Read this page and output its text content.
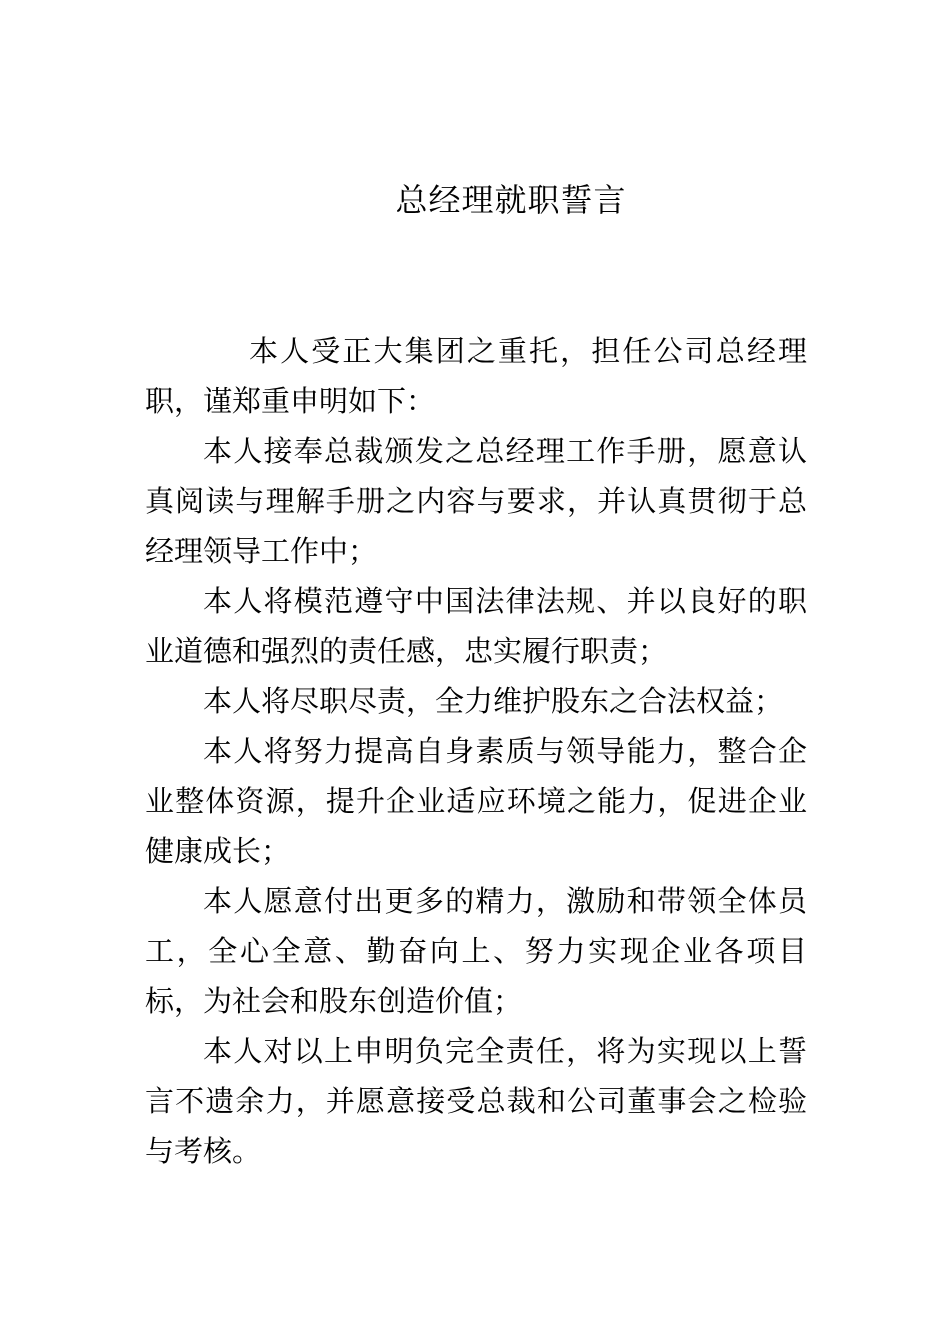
总经理就职誓言

本人受正大集团之重托，担任公司总经理职，谨郑重申明如下：

本人接奉总裁颁发之总经理工作手册，愿意认真阅读与理解手册之内容与要求，并认真贯彻于总经理领导工作中；

本人将模范遵守中国法律法规、并以良好的职业道德和强烈的责任感，忠实履行职责；

本人将尽职尽责，全力维护股东之合法权益；

本人将努力提高自身素质与领导能力，整合企业整体资源，提升企业适应环境之能力，促进企业健康成长；

本人愿意付出更多的精力，激励和带领全体员工，全心全意、勤奋向上、努力实现企业各项目标，为社会和股东创造价值；

本人对以上申明负完全责任，将为实现以上誓言不遗余力，并愿意接受总裁和公司董事会之检验与考核。
